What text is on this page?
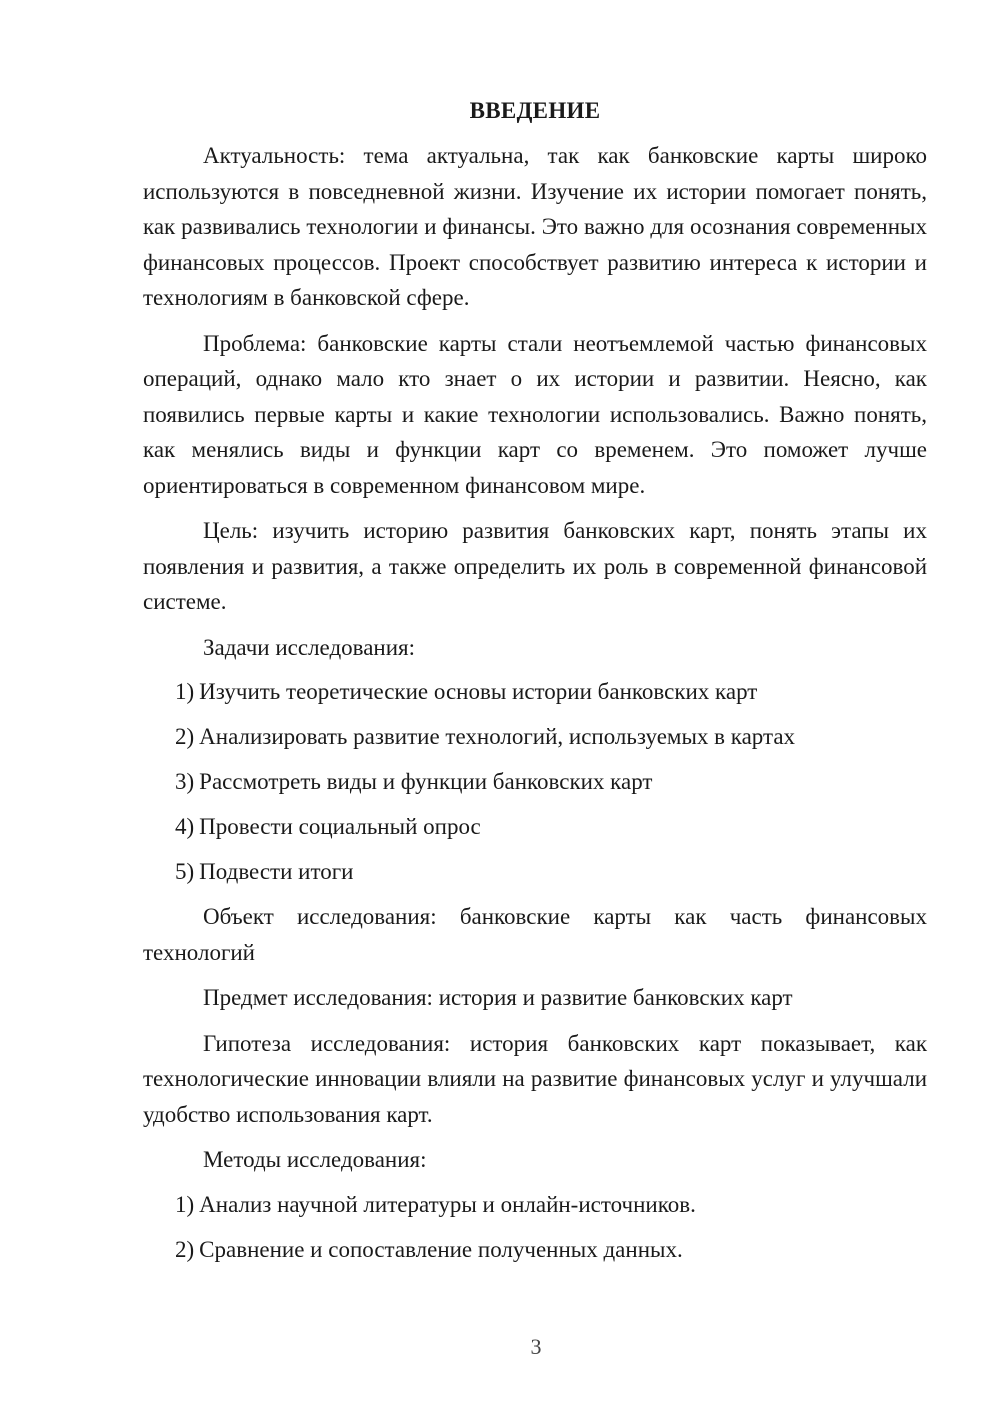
ВВЕДЕНИЕ

Актуальность: тема актуальна, так как банковские карты широко используются в повседневной жизни. Изучение их истории помогает понять, как развивались технологии и финансы. Это важно для осознания современных финансовых процессов. Проект способствует развитию интереса к истории и технологиям в банковской сфере.

Проблема: банковские карты стали неотъемлемой частью финансовых операций, однако мало кто знает о их истории и развитии. Неясно, как появились первые карты и какие технологии использовались. Важно понять, как менялись виды и функции карт со временем. Это поможет лучше ориентироваться в современном финансовом мире.

Цель: изучить историю развития банковских карт, понять этапы их появления и развития, а также определить их роль в современной финансовой системе.

Задачи исследования:

1) Изучить теоретические основы истории банковских карт
2) Анализировать развитие технологий, используемых в картах
3) Рассмотреть виды и функции банковских карт
4) Провести социальный опрос
5) Подвести итоги

Объект исследования: банковские карты как часть финансовых технологий

Предмет исследования: история и развитие банковских карт

Гипотеза исследования: история банковских карт показывает, как технологические инновации влияли на развитие финансовых услуг и улучшали удобство использования карт.

Методы исследования:

1) Анализ научной литературы и онлайн-источников.
2) Сравнение и сопоставление полученных данных.
3
